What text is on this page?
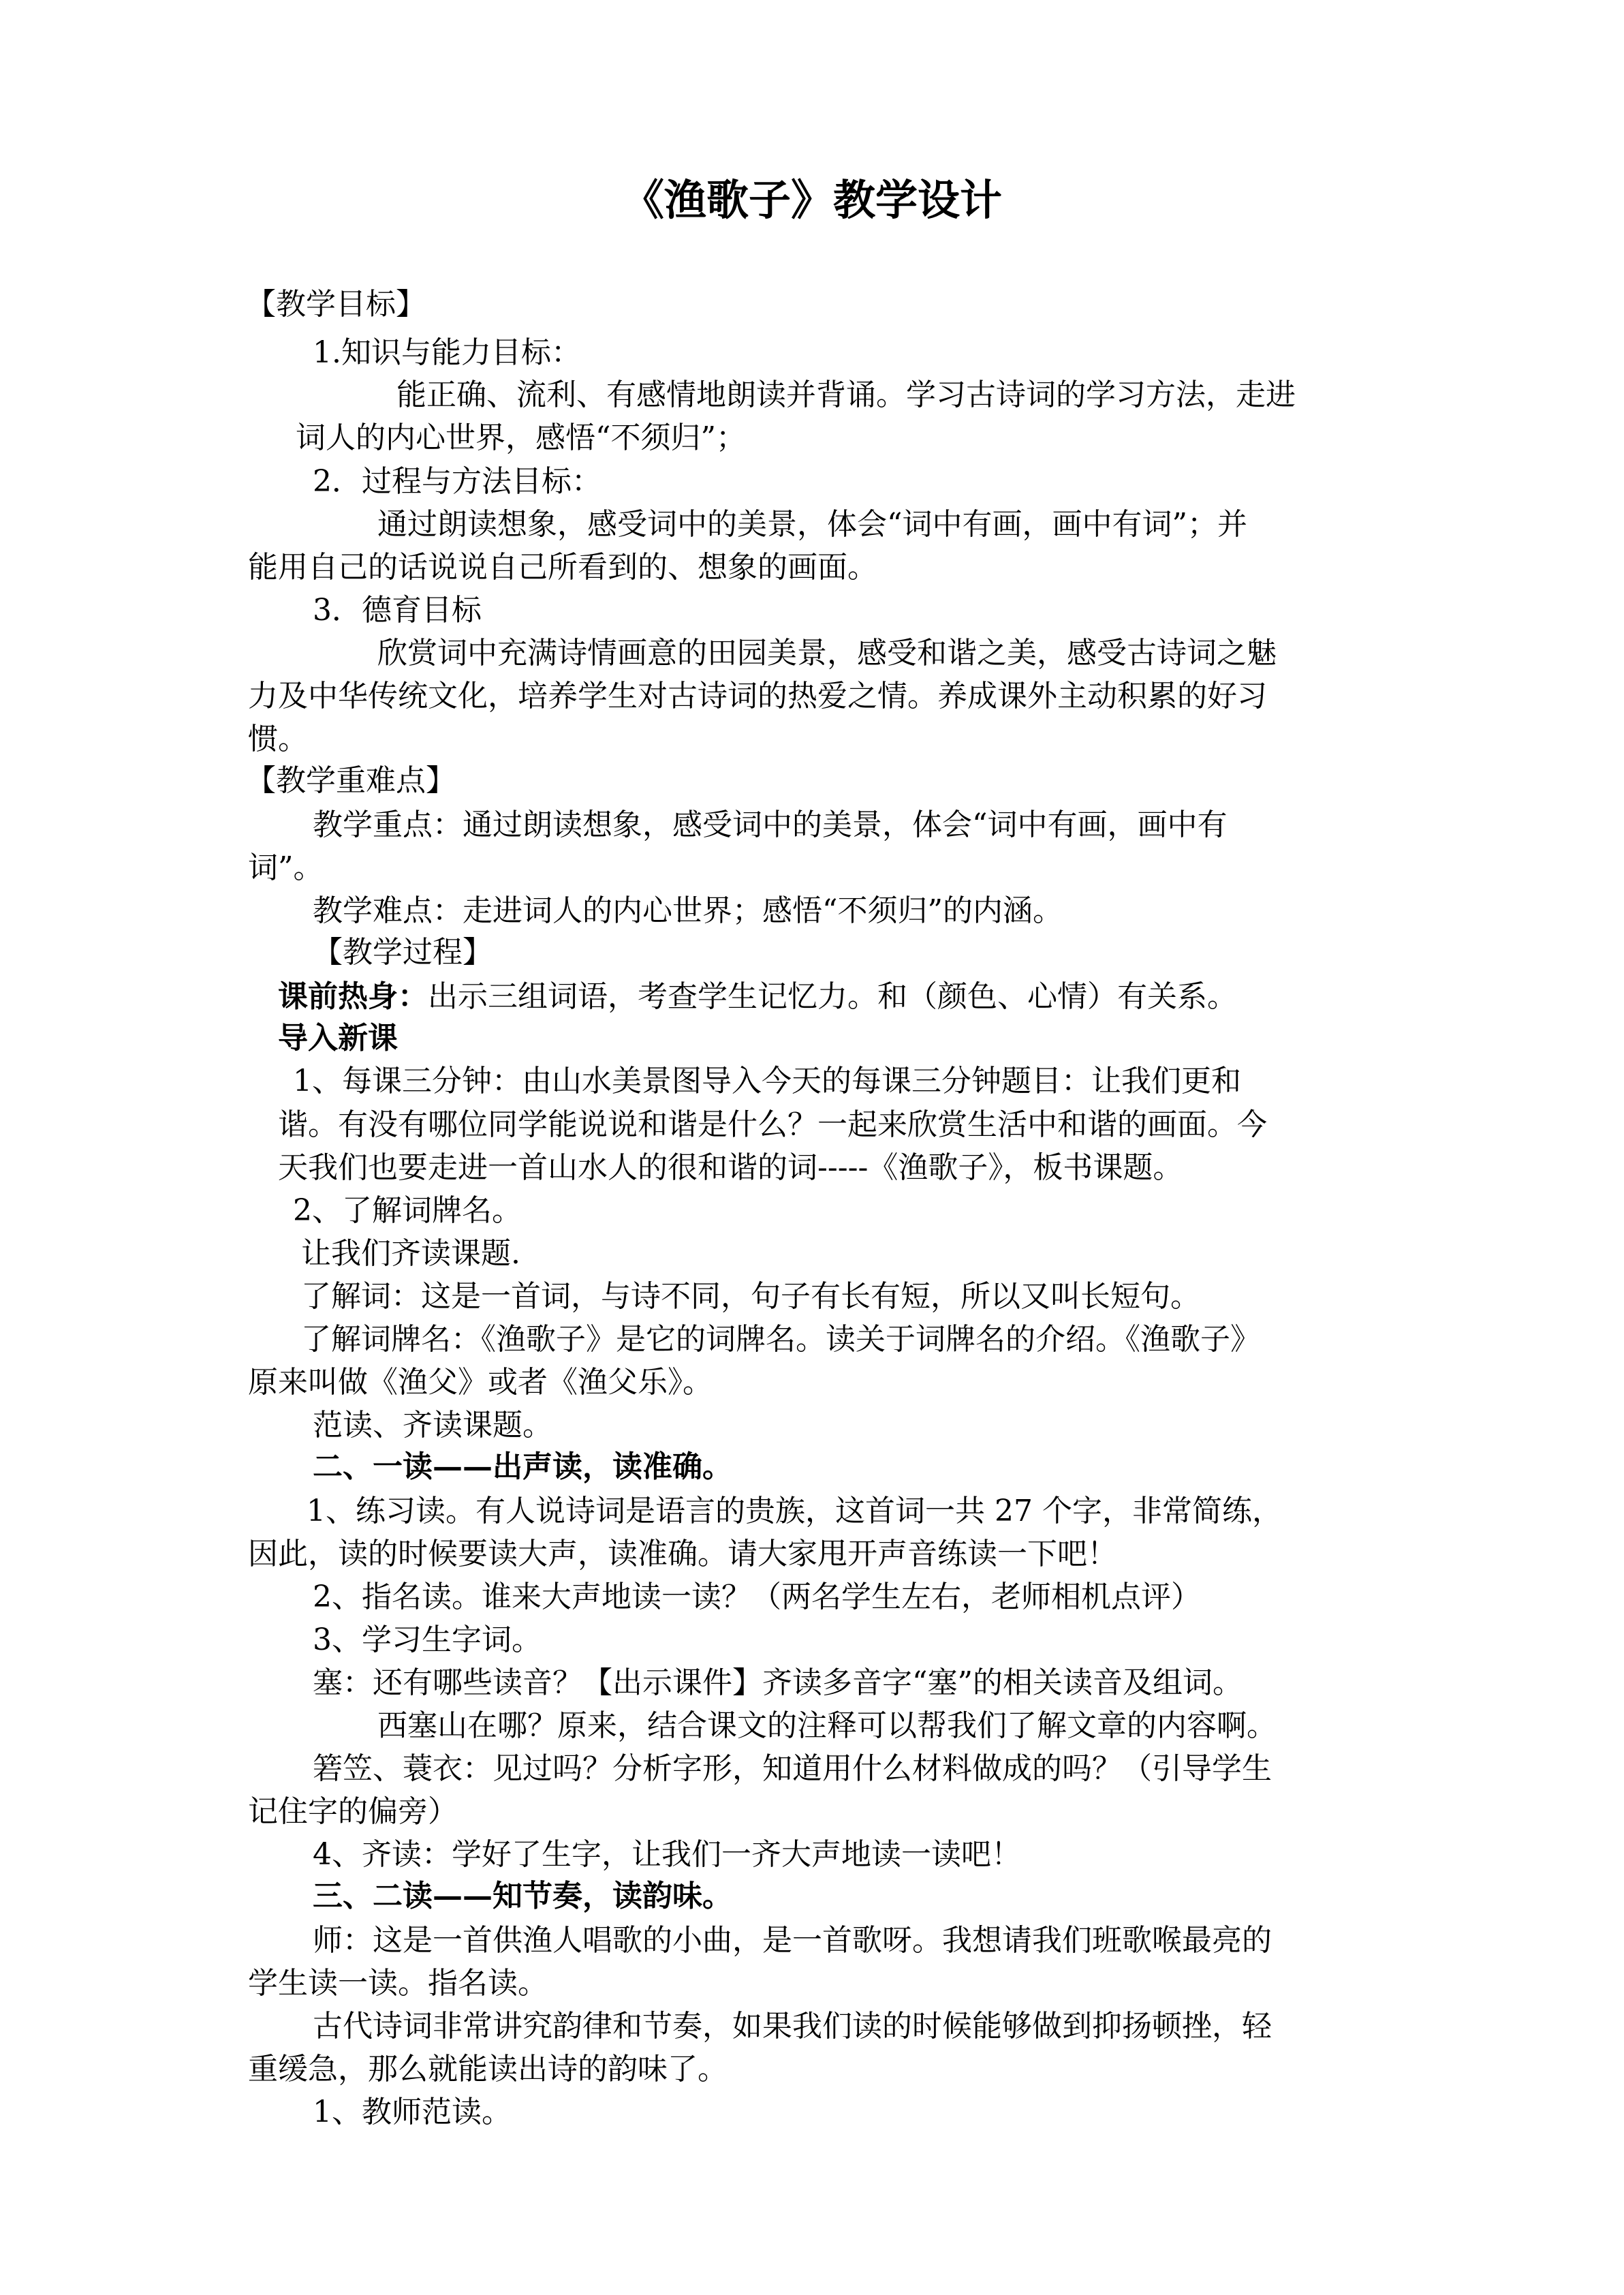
《渔歌子》教学设计

【教学目标】

1.知识与能力目标：

能正确、流利、有感情地朗读并背诵。学习古诗词的学习方法，走进

词人的内心世界，感悟“不须归”；

2．过程与方法目标：

通过朗读想象，感受词中的美景，体会“词中有画，画中有词”；并

能用自己的话说说自己所看到的、想象的画面。

3．德育目标

欣赏词中充满诗情画意的田园美景，感受和谐之美，感受古诗词之魅

力及中华传统文化，培养学生对古诗词的热爱之情。养成课外主动积累的好习

惯。

【教学重难点】

教学重点：通过朗读想象，感受词中的美景，体会“词中有画，画中有

词”。

教学难点：走进词人的内心世界；感悟“不须归”的内涵。

【教学过程】

课前热身：出示三组词语，考查学生记忆力。和（颜色、心情）有关系。

导入新课

1、每课三分钟：由山水美景图导入今天的每课三分钟题目：让我们更和

谐。有没有哪位同学能说说和谐是什么？一起来欣赏生活中和谐的画面。今

天我们也要走进一首山水人的很和谐的词-----《渔歌子》，板书课题。

2、了解词牌名。

让我们齐读课题.

了解词：这是一首词，与诗不同，句子有长有短，所以又叫长短句。

了解词牌名：《渔歌子》是它的词牌名。读关于词牌名的介绍。《渔歌子》

原来叫做《渔父》或者《渔父乐》。

范读、齐读课题。

二、一读——出声读，读准确。

1、练习读。有人说诗词是语言的贵族，这首词一共 27 个字，非常简练，

因此，读的时候要读大声，读准确。请大家甩开声音练读一下吧！

2、指名读。谁来大声地读一读？（两名学生左右，老师相机点评）

3、学习生字词。

塞：还有哪些读音？【出示课件】齐读多音字“塞”的相关读音及组词。

西塞山在哪？原来，结合课文的注释可以帮我们了解文章的内容啊。

箬笠、蓑衣：见过吗？分析字形，知道用什么材料做成的吗？（引导学生

记住字的偏旁）

4、齐读：学好了生字，让我们一齐大声地读一读吧！

三、二读——知节奏，读韵味。

师：这是一首供渔人唱歌的小曲，是一首歌呀。我想请我们班歌喉最亮的

学生读一读。指名读。

古代诗词非常讲究韵律和节奏，如果我们读的时候能够做到抑扬顿挫，轻

重缓急，那么就能读出诗的韵味了。

1、教师范读。
